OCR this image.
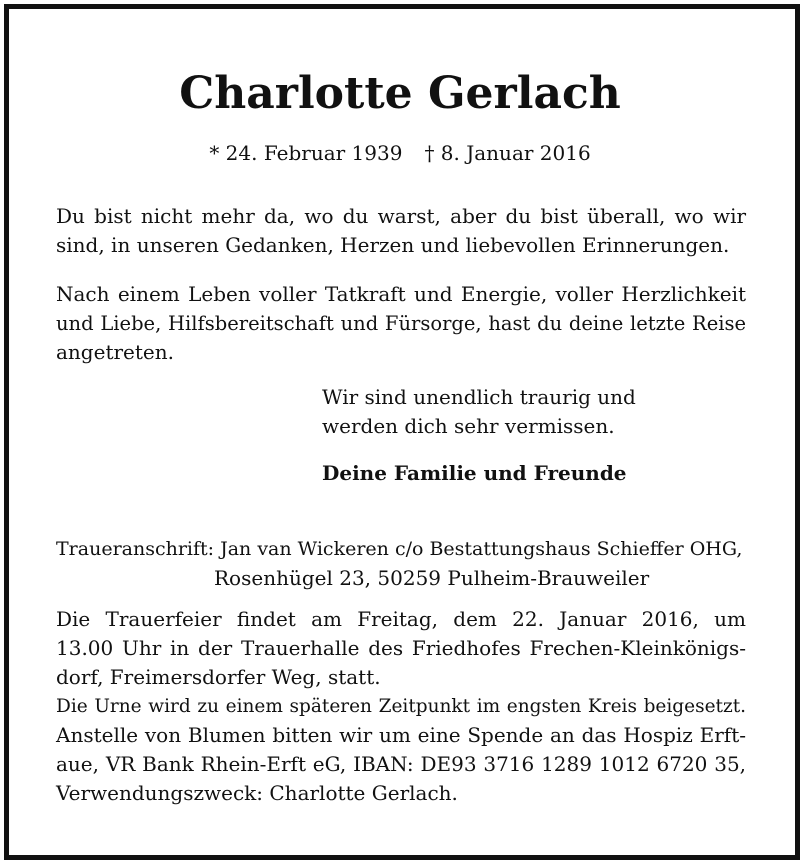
Charlotte Gerlach
* 24. Februar 1939 † 8. Januar 2016
Du bist nicht mehr da, wo du warst, aber du bist überall, wo wir
sind, in unseren Gedanken, Herzen und liebevollen Erinnerungen.
Nach einem Leben voller Tatkraft und Energie, voller Herzlichkeit
und Liebe, Hilfsbereitschaft und Fürsorge, hast du deine letzte Reise
angetreten.
Wir sind unendlich traurig und
werden dich sehr vermissen.
Deine Familie und Freunde
Traueranschrift: Jan van Wickeren c/o Bestattungshaus Schieffer OHG,
Rosenhügel 23, 50259 Pulheim-Brauweiler
Die Trauerfeier findet am Freitag, dem 22. Januar 2016, um
13.00 Uhr in der Trauerhalle des Friedhofes Frechen-Kleinkönigs-
dorf, Freimersdorfer Weg, statt.
Die Urne wird zu einem späteren Zeitpunkt im engsten Kreis beigesetzt.
Anstelle von Blumen bitten wir um eine Spende an das Hospiz Erft-
aue, VR Bank Rhein-Erft eG, IBAN: DE93 3716 1289 1012 6720 35,
Verwendungszweck: Charlotte Gerlach.
